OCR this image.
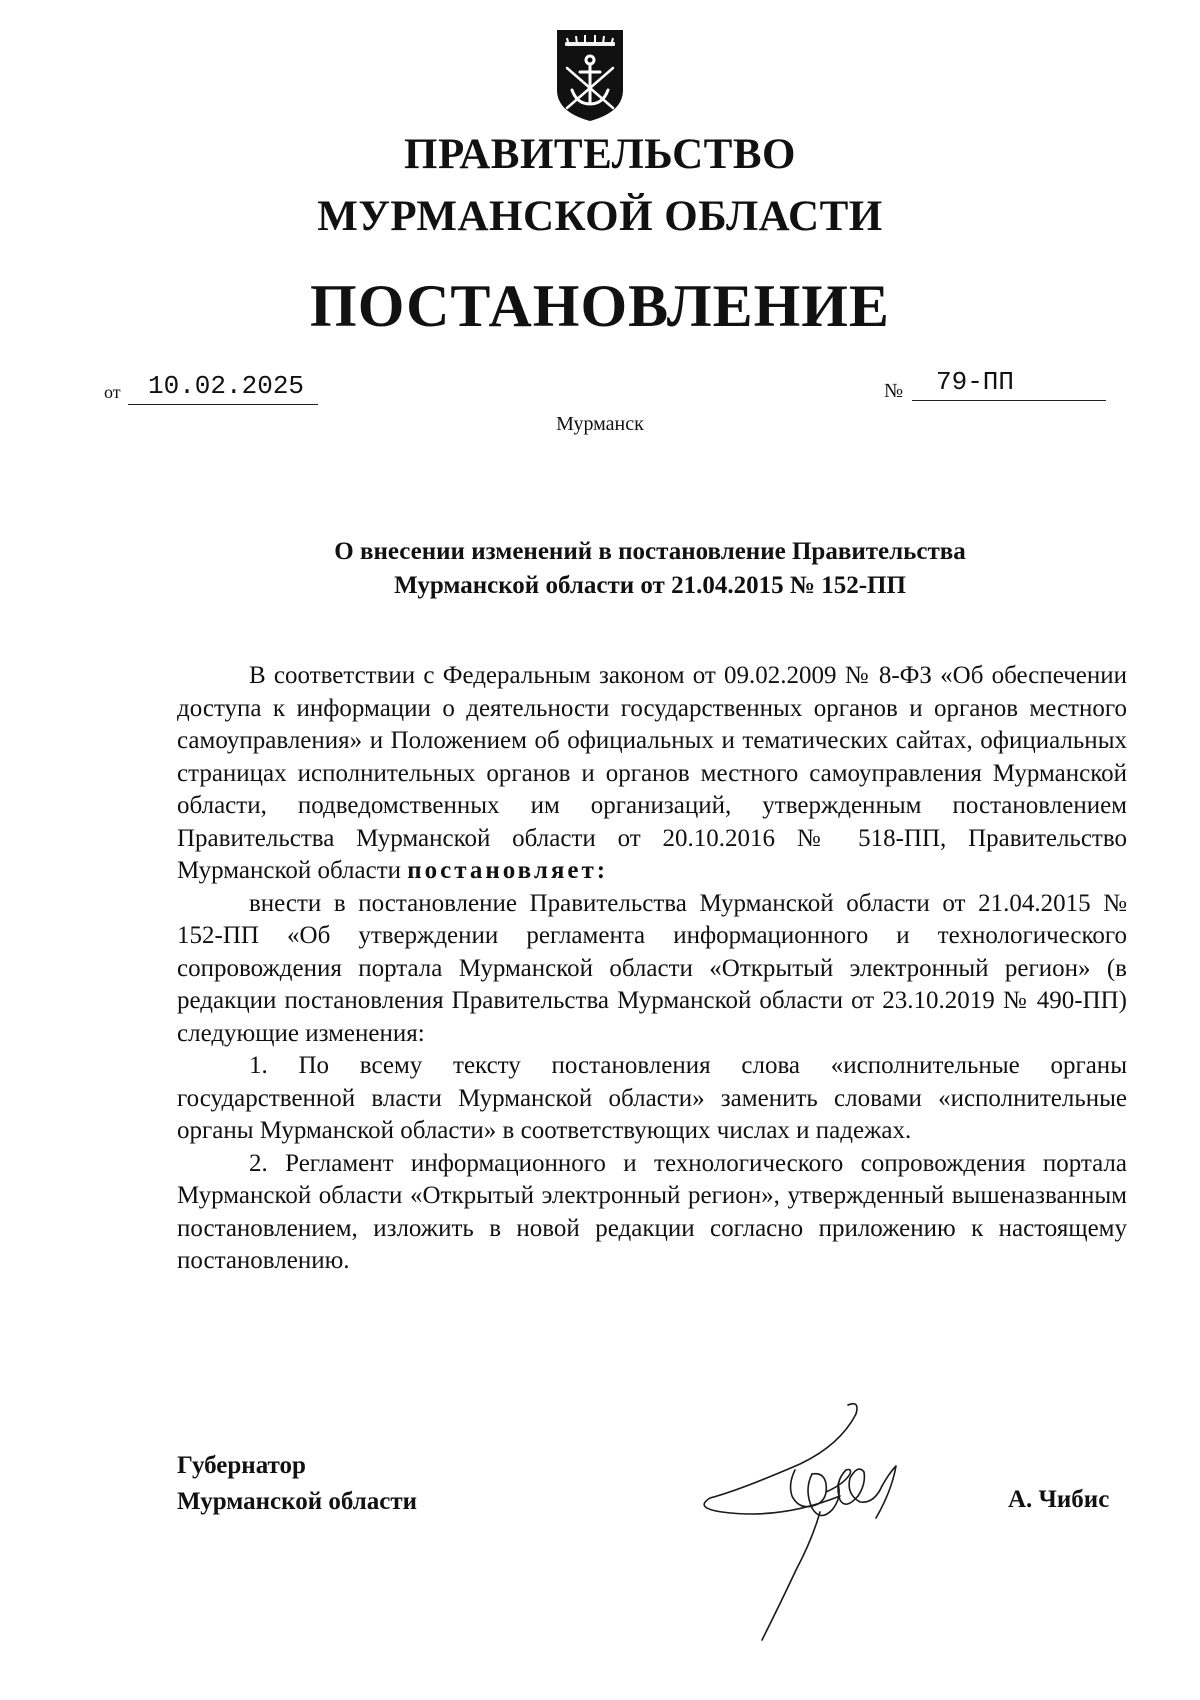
ПРАВИТЕЛЬСТВО
МУРМАНСКОЙ ОБЛАСТИ
ПОСТАНОВЛЕНИЕ
от	10.02.2025	№	79-ПП
Мурманск
О внесении изменений в постановление Правительства
Мурманской области от 21.04.2015 № 152-ПП

В соответствии с Федеральным законом от 09.02.2009 № 8-ФЗ «Об обеспечении доступа к информации о деятельности государственных органов и органов местного самоуправления» и Положением об официальных и тематических сайтах, официальных страницах исполнительных органов и органов местного самоуправления Мурманской области, подведомственных им организаций, утвержденным постановлением Правительства Мурманской области от 20.10.2016 № 518-ПП, Правительство Мурманской области постановляет:

внести в постановление Правительства Мурманской области от 21.04.2015 № 152-ПП «Об утверждении регламента информационного и технологического сопровождения портала Мурманской области «Открытый электронный регион» (в редакции постановления Правительства Мурманской области от 23.10.2019 № 490-ПП) следующие изменения:

1. По всему тексту постановления слова «исполнительные органы государственной власти Мурманской области» заменить словами «исполнительные органы Мурманской области» в соответствующих числах и падежах.

2. Регламент информационного и технологического сопровождения портала Мурманской области «Открытый электронный регион», утвержденный вышеназванным постановлением, изложить в новой редакции согласно приложению к настоящему постановлению.

Губернатор
Мурманской области	А. Чибис
